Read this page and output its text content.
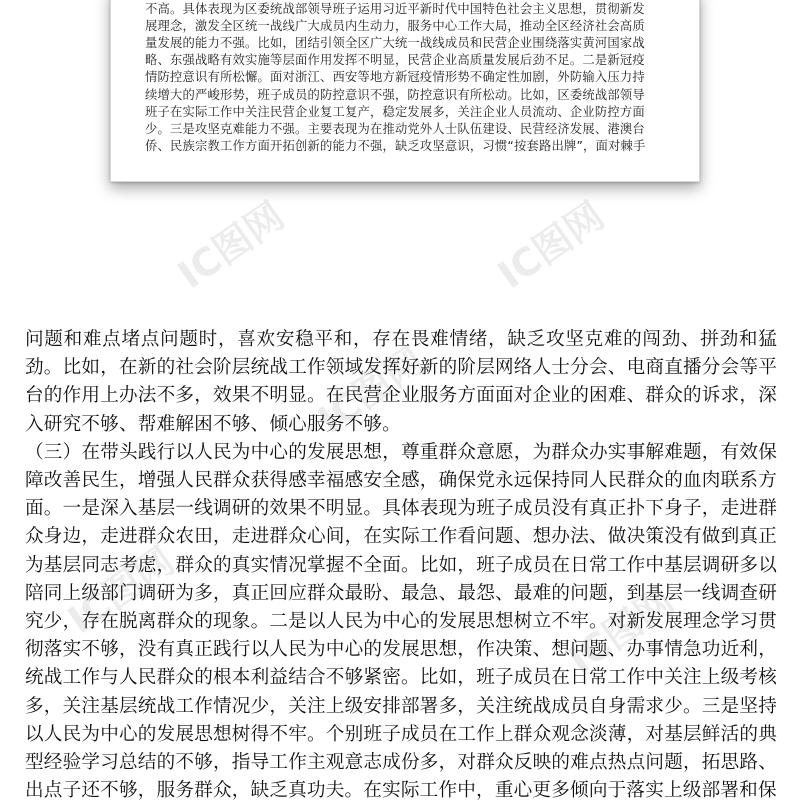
不高。具体表现为区委统战部领导班子运用习近平新时代中国特色社会主义思想，贯彻新发

展理念，激发全区统一战线广大成员内生动力，服务中心工作大局，推动全区经济社会高质

量发展的能力不强。比如，团结引领全区广大统一战线成员和民营企业围绕落实黄河国家战

略、东强战略有效实施等层面作用发挥不明显，民营企业高质量发展后劲不足。二是新冠疫

情防控意识有所松懈。面对浙江、西安等地方新冠疫情形势不确定性加剧，外防输入压力持

续增大的严峻形势，班子成员的防控意识不强，防控意识有所松动。比如，区委统战部领导

班子在实际工作中关注民营企业复工复产，稳定发展多，关注企业人员流动、企业防控方面

少。三是攻坚克难能力不强。主要表现为在推动党外人士队伍建设、民营经济发展、港澳台

侨、民族宗教工作方面开拓创新的能力不强，缺乏攻坚意识，习惯“按套路出牌”，面对棘手

IC图网	IC图网
IC图网
IC图网	IC图网

问题和难点堵点问题时，喜欢安稳平和，存在畏难情绪，缺乏攻坚克难的闯劲、拼劲和猛劲。比如，在新的社会阶层统战工作领域发挥好新的阶层网络人士分会、电商直播分会等平台的作用上办法不多，效果不明显。在民营企业服务方面面对企业的困难、群众的诉求，深入研究不够、帮难解困不够、倾心服务不够。

（三）在带头践行以人民为中心的发展思想，尊重群众意愿，为群众办实事解难题，有效保障改善民生，增强人民群众获得感幸福感安全感，确保党永远保持同人民群众的血肉联系方面。一是深入基层一线调研的效果不明显。具体表现为班子成员没有真正扑下身子，走进群众身边，走进群众农田，走进群众心间，在实际工作看问题、想办法、做决策没有做到真正为基层同志考虑，群众的真实情况掌握不全面。比如，班子成员在日常工作中基层调研多以陪同上级部门调研为多，真正回应群众最盼、最急、最怨、最难的问题，到基层一线调查研究少，存在脱离群众的现象。二是以人民为中心的发展思想树立不牢。对新发展理念学习贯彻落实不够，没有真正践行以人民为中心的发展思想，作决策、想问题、办事情急功近利，统战工作与人民群众的根本利益结合不够紧密。比如，班子成员在日常工作中关注上级考核多，关注基层统战工作情况少，关注上级安排部署多，关注统战成员自身需求少。三是坚持以人民为中心的发展思想树得不牢。个别班子成员在工作上群众观念淡薄，对基层鲜活的典型经验学习总结的不够，指导工作主观意志成份多，对群众反映的难点热点问题，拓思路、出点子还不够，服务群众，缺乏真功夫。在实际工作中，重心更多倾向于落实上级部署和保
